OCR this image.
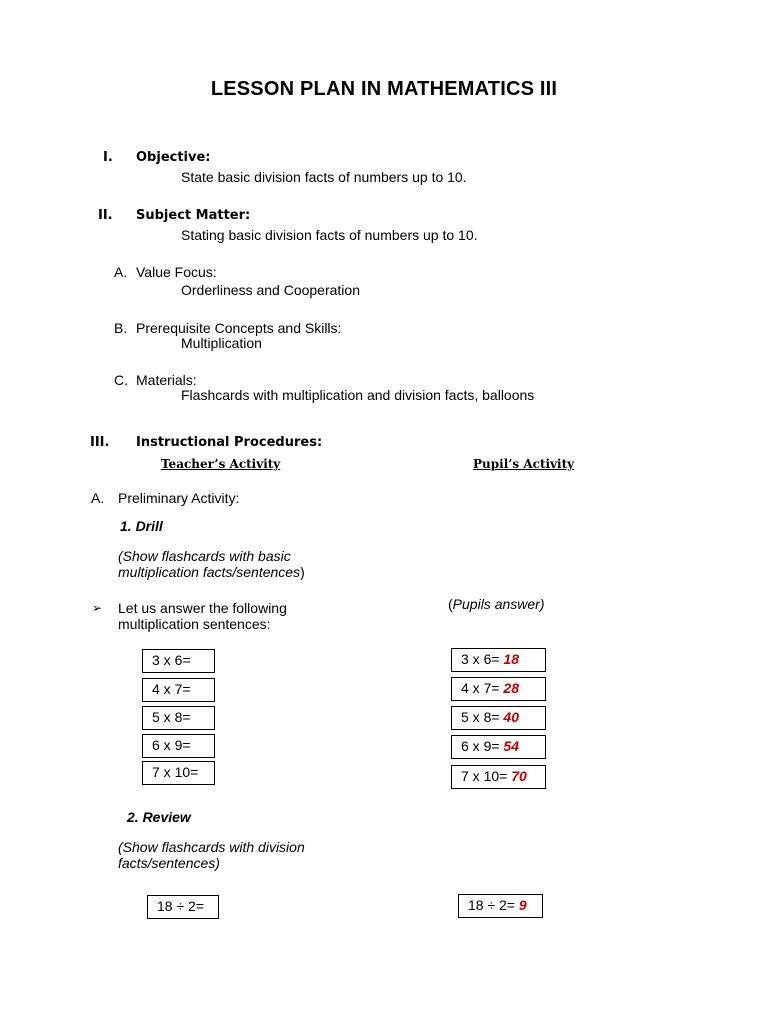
LESSON PLAN IN MATHEMATICS III
I. Objective:
State basic division facts of numbers up to 10.
II. Subject Matter:
Stating basic division facts of numbers up to 10.
A. Value Focus:
Orderliness and Cooperation
B. Prerequisite Concepts and Skills:
Multiplication
C. Materials:
Flashcards with multiplication and division facts, balloons
III. Instructional Procedures:
Teacher’s Activity	Pupil’s Activity
A. Preliminary Activity:
1. Drill
(Show flashcards with basic
multiplication facts/sentences)
➢ Let us answer the following
multiplication sentences:
(Pupils answer)
3 x 6=
4 x 7=
5 x 8=
6 x 9=
7 x 10=
3 x 6= 18
4 x 7= 28
5 x 8= 40
6 x 9= 54
7 x 10= 70
2. Review
(Show flashcards with division
facts/sentences)
18 ÷ 2=	18 ÷ 2= 9
